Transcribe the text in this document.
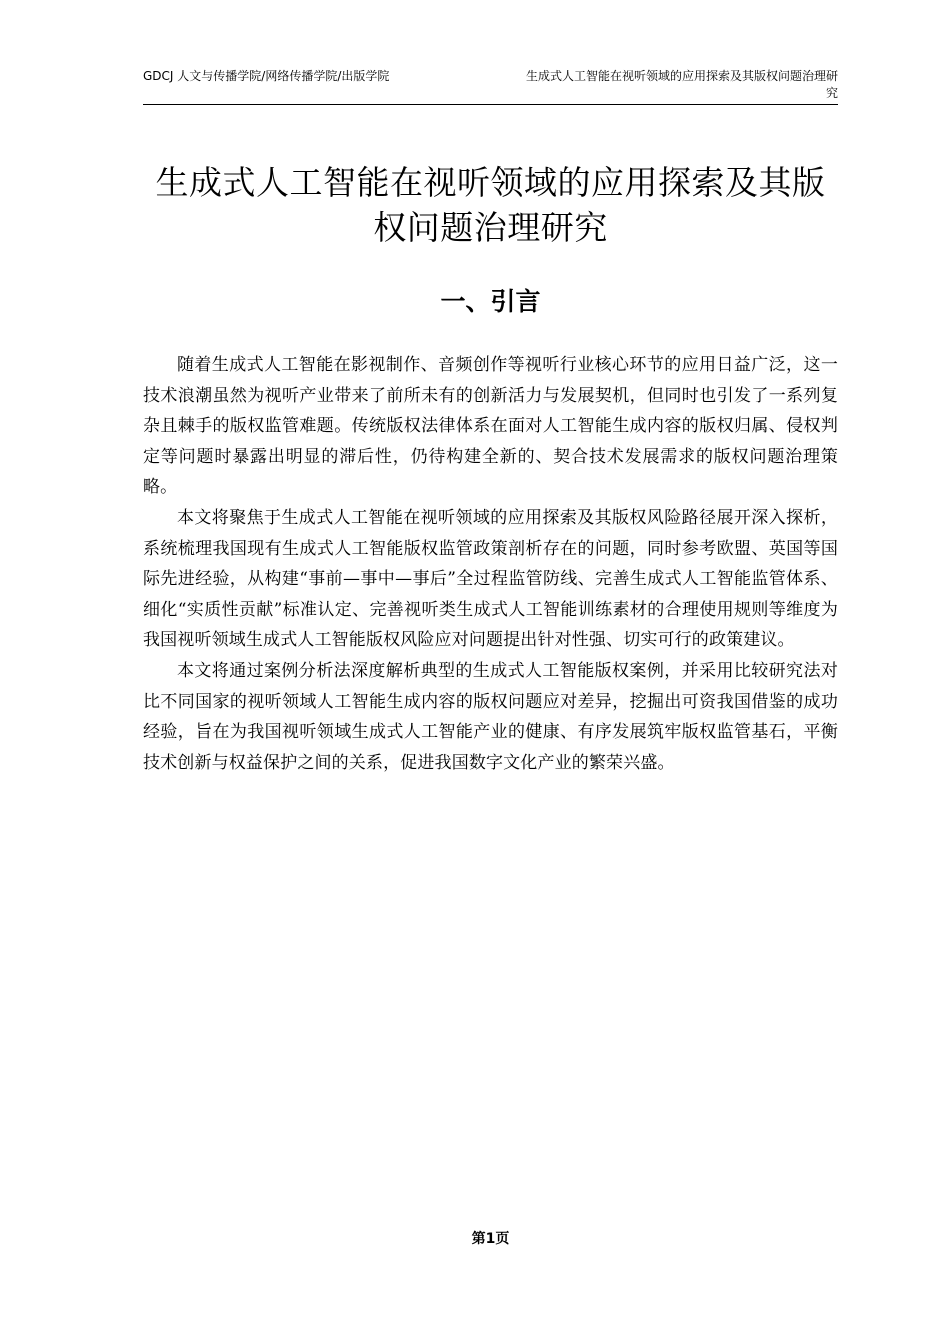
GDCJ 人文与传播学院/网络传播学院/出版学院	生成式人工智能在视听领域的应用探索及其版权问题治理研究
生成式人工智能在视听领域的应用探索及其版权问题治理研究
一、引言

随着生成式人工智能在影视制作、音频创作等视听行业核心环节的应用日益广泛，这一技术浪潮虽然为视听产业带来了前所未有的创新活力与发展契机，但同时也引发了一系列复杂且棘手的版权监管难题。传统版权法律体系在面对人工智能生成内容的版权归属、侵权判定等问题时暴露出明显的滞后性，仍待构建全新的、契合技术发展需求的版权问题治理策略。

本文将聚焦于生成式人工智能在视听领域的应用探索及其版权风险路径展开深入探析，系统梳理我国现有生成式人工智能版权监管政策剖析存在的问题，同时参考欧盟、英国等国际先进经验，从构建“事前—事中—事后”全过程监管防线、完善生成式人工智能监管体系、细化“实质性贡献”标准认定、完善视听类生成式人工智能训练素材的合理使用规则等维度为我国视听领域生成式人工智能版权风险应对问题提出针对性强、切实可行的政策建议。

本文将通过案例分析法深度解析典型的生成式人工智能版权案例，并采用比较研究法对比不同国家的视听领域人工智能生成内容的版权问题应对差异，挖掘出可资我国借鉴的成功经验，旨在为我国视听领域生成式人工智能产业的健康、有序发展筑牢版权监管基石，平衡技术创新与权益保护之间的关系，促进我国数字文化产业的繁荣兴盛。

第1页
